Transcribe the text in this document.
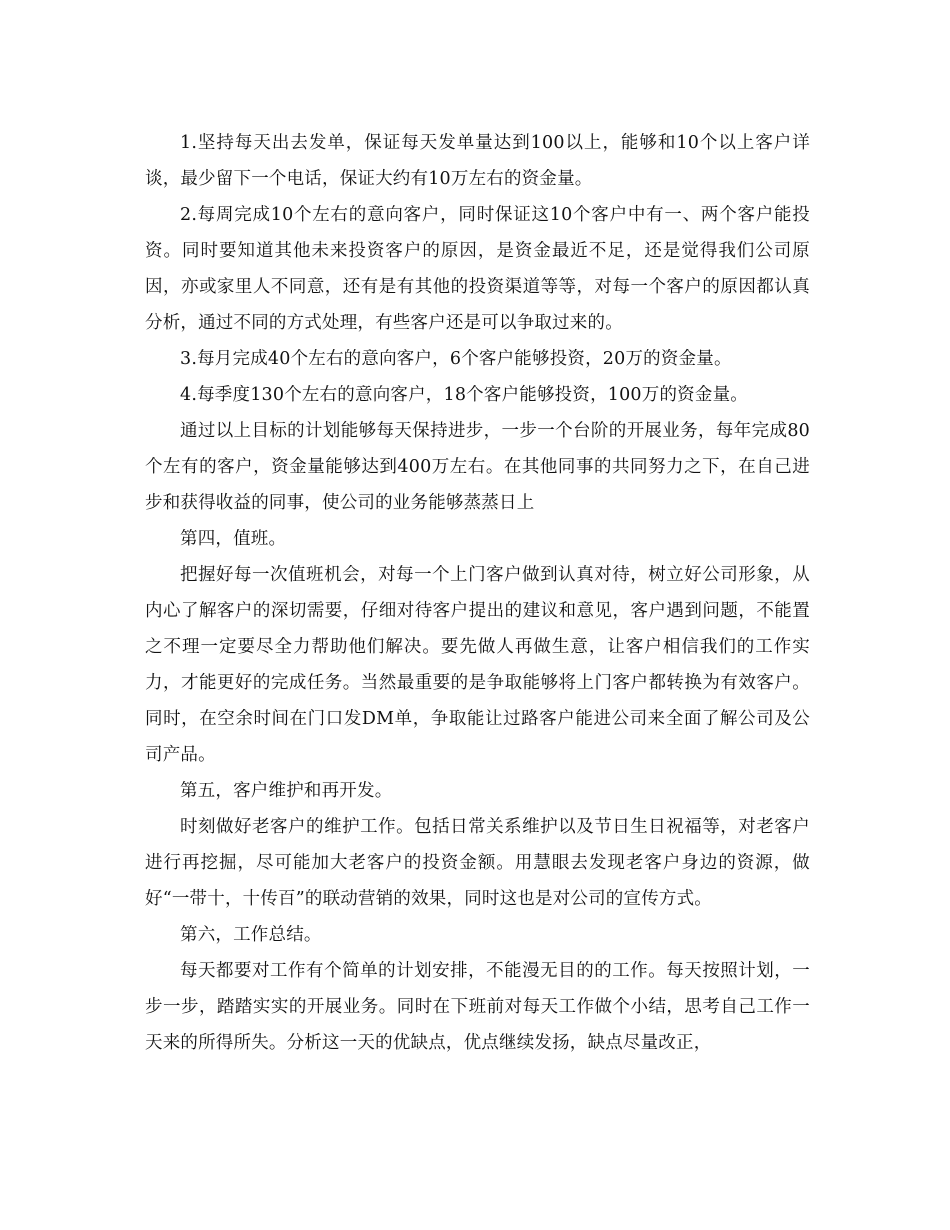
1.坚持每天出去发单，保证每天发单量达到100以上，能够和10个以上客户详谈，最少留下一个电话，保证大约有10万左右的资金量。

2.每周完成10个左右的意向客户，同时保证这10个客户中有一、两个客户能投资。同时要知道其他未来投资客户的原因，是资金最近不足，还是觉得我们公司原因，亦或家里人不同意，还有是有其他的投资渠道等等，对每一个客户的原因都认真分析，通过不同的方式处理，有些客户还是可以争取过来的。

3.每月完成40个左右的意向客户，6个客户能够投资，20万的资金量。

4.每季度130个左右的意向客户，18个客户能够投资，100万的资金量。

通过以上目标的计划能够每天保持进步，一步一个台阶的开展业务，每年完成80个左有的客户，资金量能够达到400万左右。在其他同事的共同努力之下，在自己进步和获得收益的同事，使公司的业务能够蒸蒸日上

第四，值班。

把握好每一次值班机会，对每一个上门客户做到认真对待，树立好公司形象，从内心了解客户的深切需要，仔细对待客户提出的建议和意见，客户遇到问题，不能置之不理一定要尽全力帮助他们解决。要先做人再做生意，让客户相信我们的工作实力，才能更好的完成任务。当然最重要的是争取能够将上门客户都转换为有效客户。同时，在空余时间在门口发DM单，争取能让过路客户能进公司来全面了解公司及公司产品。

第五，客户维护和再开发。

时刻做好老客户的维护工作。包括日常关系维护以及节日生日祝福等，对老客户进行再挖掘，尽可能加大老客户的投资金额。用慧眼去发现老客户身边的资源，做好“一带十，十传百”的联动营销的效果，同时这也是对公司的宣传方式。

第六，工作总结。

每天都要对工作有个简单的计划安排，不能漫无目的的工作。每天按照计划，一步一步，踏踏实实的开展业务。同时在下班前对每天工作做个小结，思考自己工作一天来的所得所失。分析这一天的优缺点，优点继续发扬，缺点尽量改正，
